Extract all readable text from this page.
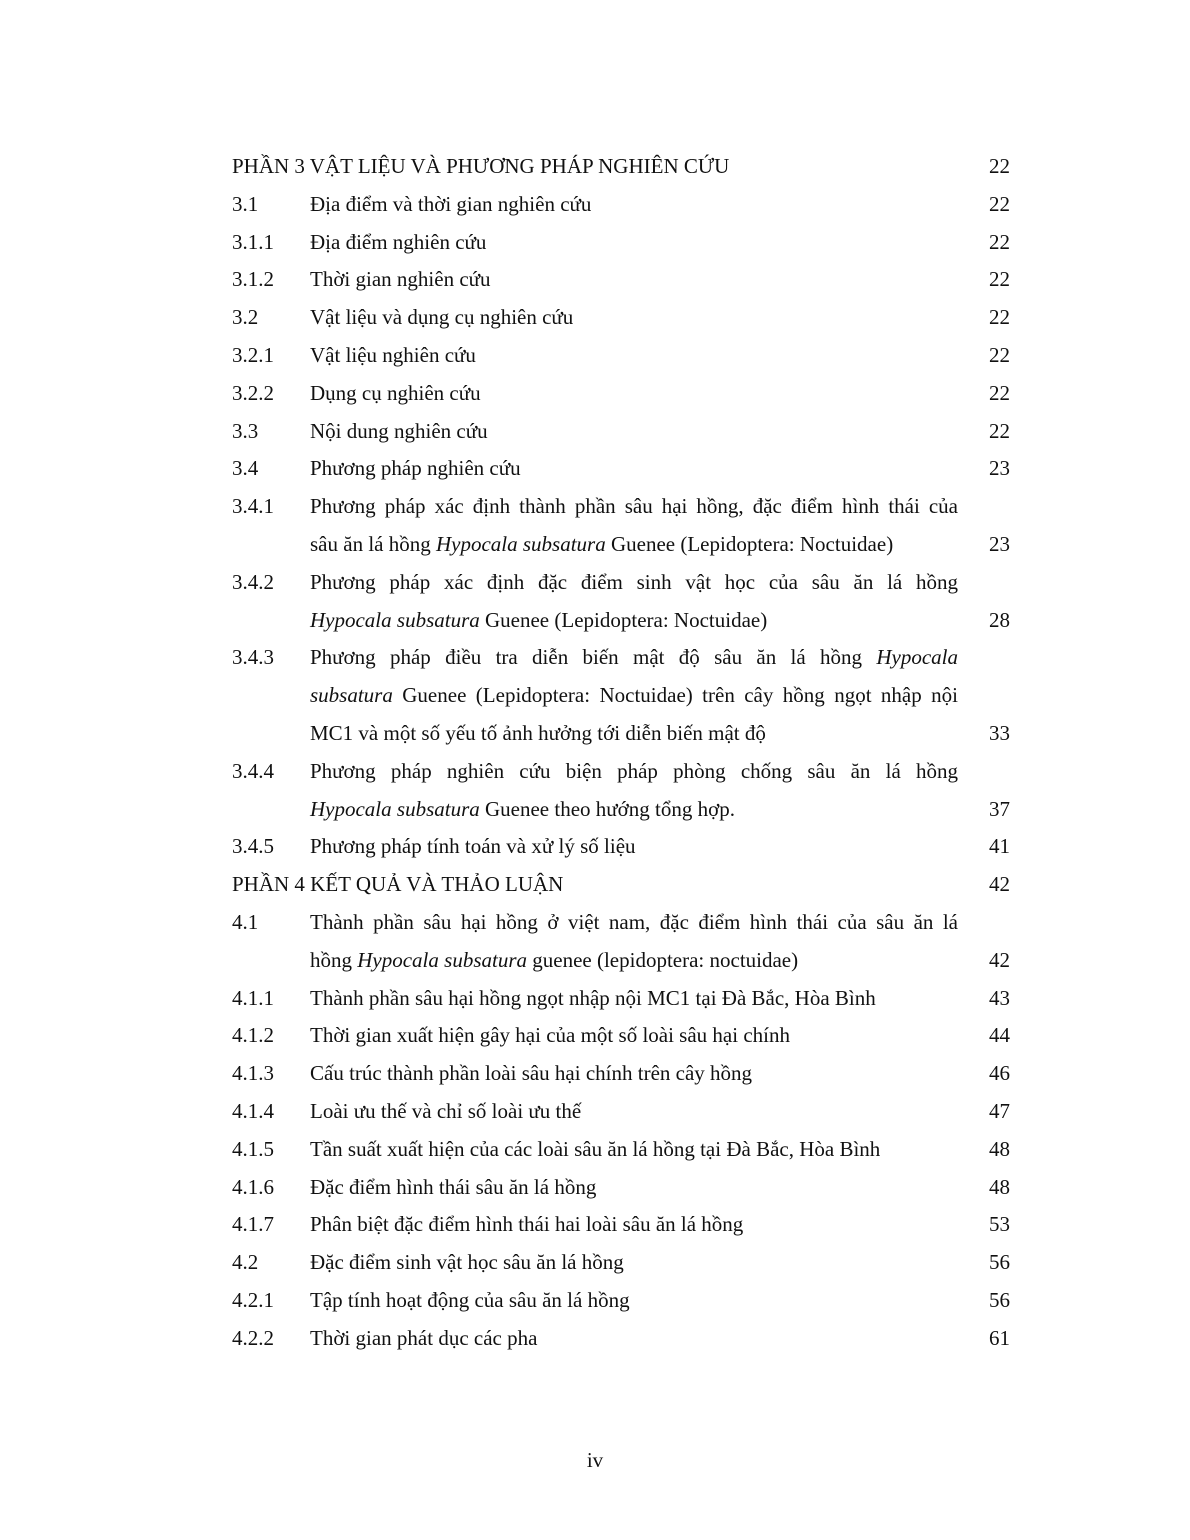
PHẦN 3 VẬT LIỆU VÀ PHƯƠNG PHÁP NGHIÊN CỨU	22
3.1 Địa điểm và thời gian nghiên cứu	22
3.1.1 Địa điểm nghiên cứu	22
3.1.2 Thời gian nghiên cứu	22
3.2 Vật liệu và dụng cụ nghiên cứu	22
3.2.1 Vật liệu nghiên cứu	22
3.2.2 Dụng cụ nghiên cứu	22
3.3 Nội dung nghiên cứu	22
3.4 Phương pháp nghiên cứu	23
3.4.1 Phương pháp xác định thành phần sâu hại hồng, đặc điểm hình thái của
sâu ăn lá hồng Hypocala subsatura Guenee (Lepidoptera: Noctuidae)	23
3.4.2 Phương pháp xác định đặc điểm sinh vật học của sâu ăn lá hồng
Hypocala subsatura Guenee (Lepidoptera: Noctuidae)	28
3.4.3 Phương pháp điều tra diễn biến mật độ sâu ăn lá hồng Hypocala
subsatura Guenee (Lepidoptera: Noctuidae) trên cây hồng ngọt nhập nội
MC1 và một số yếu tố ảnh hưởng tới diễn biến mật độ	33
3.4.4 Phương pháp nghiên cứu biện pháp phòng chống sâu ăn lá hồng
Hypocala subsatura Guenee theo hướng tổng hợp.	37
3.4.5 Phương pháp tính toán và xử lý số liệu	41
PHẦN 4 KẾT QUẢ VÀ THẢO LUẬN	42
4.1 Thành phần sâu hại hồng ở việt nam, đặc điểm hình thái của sâu ăn lá
hồng Hypocala subsatura guenee (lepidoptera: noctuidae)	42
4.1.1 Thành phần sâu hại hồng ngọt nhập nội MC1 tại Đà Bắc, Hòa Bình	43
4.1.2 Thời gian xuất hiện gây hại của một số loài sâu hại chính	44
4.1.3 Cấu trúc thành phần loài sâu hại chính trên cây hồng	46
4.1.4 Loài ưu thế và chỉ số loài ưu thế	47
4.1.5 Tần suất xuất hiện của các loài sâu ăn lá hồng tại Đà Bắc, Hòa Bình	48
4.1.6 Đặc điểm hình thái sâu ăn lá hồng	48
4.1.7 Phân biệt đặc điểm hình thái hai loài sâu ăn lá hồng	53
4.2 Đặc điểm sinh vật học sâu ăn lá hồng	56
4.2.1 Tập tính hoạt động của sâu ăn lá hồng	56
4.2.2 Thời gian phát dục các pha	61
iv
